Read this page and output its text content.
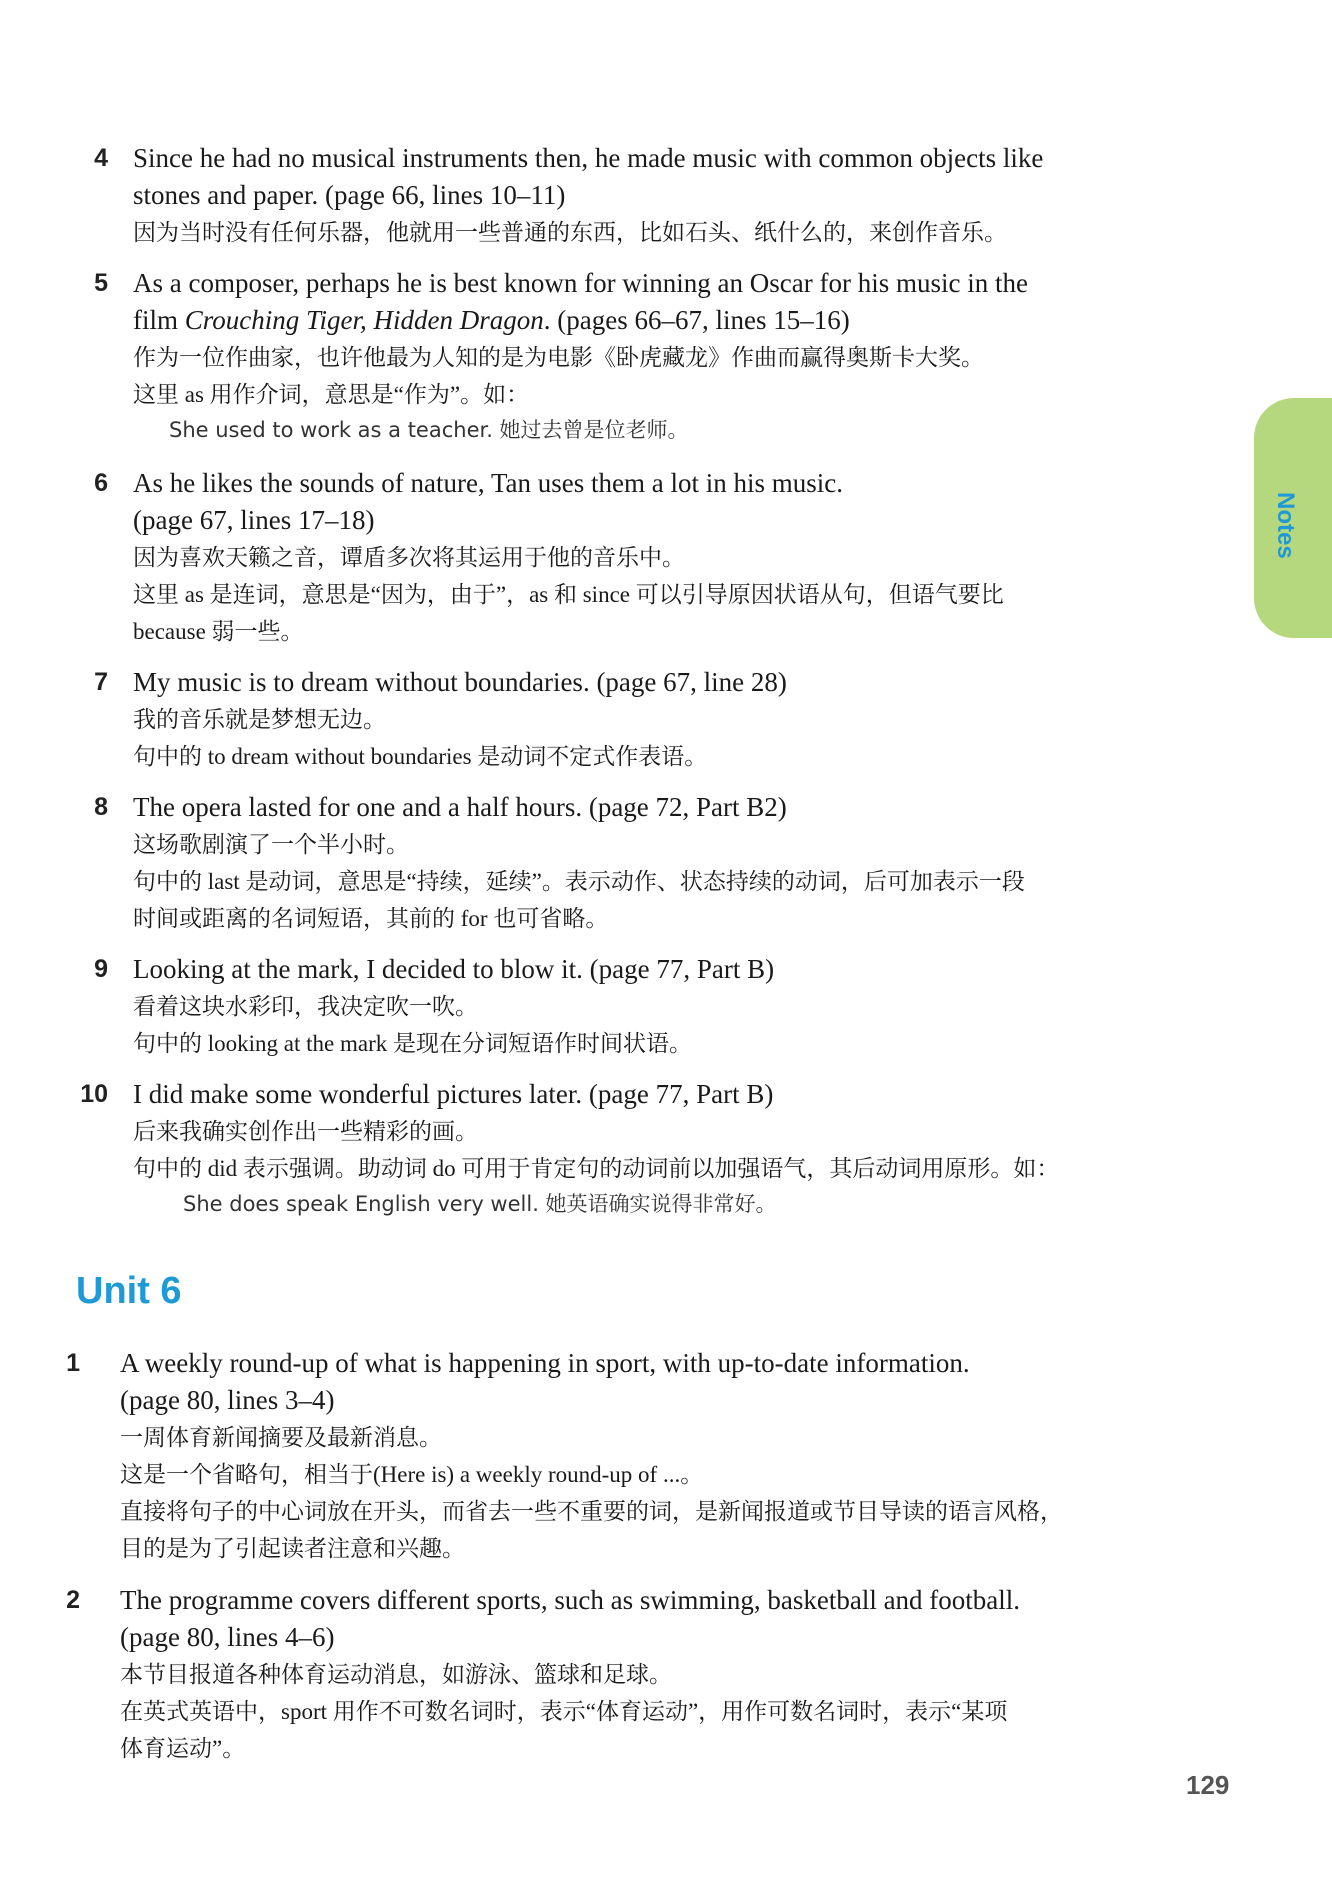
4 Since he had no musical instruments then, he made music with common objects like

stones and paper. (page 66, lines 10–11)

因为当时没有任何乐器，他就用一些普通的东西，比如石头、纸什么的，来创作音乐。

5 As a composer, perhaps he is best known for winning an Oscar for his music in the

film Crouching Tiger, Hidden Dragon. (pages 66–67, lines 15–16)

作为一位作曲家，也许他最为人知的是为电影《卧虎藏龙》作曲而赢得奥斯卡大奖。

这里 as 用作介词，意思是“作为”。如：

She used to work as a teacher. 她过去曾是位老师。

6 As he likes the sounds of nature, Tan uses them a lot in his music.

(page 67, lines 17–18)

因为喜欢天籁之音，谭盾多次将其运用于他的音乐中。

这里 as 是连词，意思是“因为，由于”，as 和 since 可以引导原因状语从句，但语气要比

because 弱一些。

7 My music is to dream without boundaries. (page 67, line 28)

我的音乐就是梦想无边。

句中的 to dream without boundaries 是动词不定式作表语。

8 The opera lasted for one and a half hours. (page 72, Part B2)

这场歌剧演了一个半小时。

句中的 last 是动词，意思是“持续，延续”。表示动作、状态持续的动词，后可加表示一段

时间或距离的名词短语，其前的 for 也可省略。

9 Looking at the mark, I decided to blow it. (page 77, Part B)

看着这块水彩印，我决定吹一吹。

句中的 looking at the mark 是现在分词短语作时间状语。

10 I did make some wonderful pictures later. (page 77, Part B)

后来我确实创作出一些精彩的画。

句中的 did 表示强调。助动词 do 可用于肯定句的动词前以加强语气，其后动词用原形。如：

She does speak English very well. 她英语确实说得非常好。

Unit 6
1 A weekly round-up of what is happening in sport, with up-to-date information.

(page 80, lines 3–4)

一周体育新闻摘要及最新消息。

这是一个省略句，相当于(Here is) a weekly round-up of ...。

直接将句子的中心词放在开头，而省去一些不重要的词，是新闻报道或节目导读的语言风格，

目的是为了引起读者注意和兴趣。

2 The programme covers different sports, such as swimming, basketball and football.

(page 80, lines 4–6)

本节目报道各种体育运动消息，如游泳、篮球和足球。

在英式英语中，sport 用作不可数名词时，表示“体育运动”，用作可数名词时，表示“某项

体育运动”。

Notes
129
